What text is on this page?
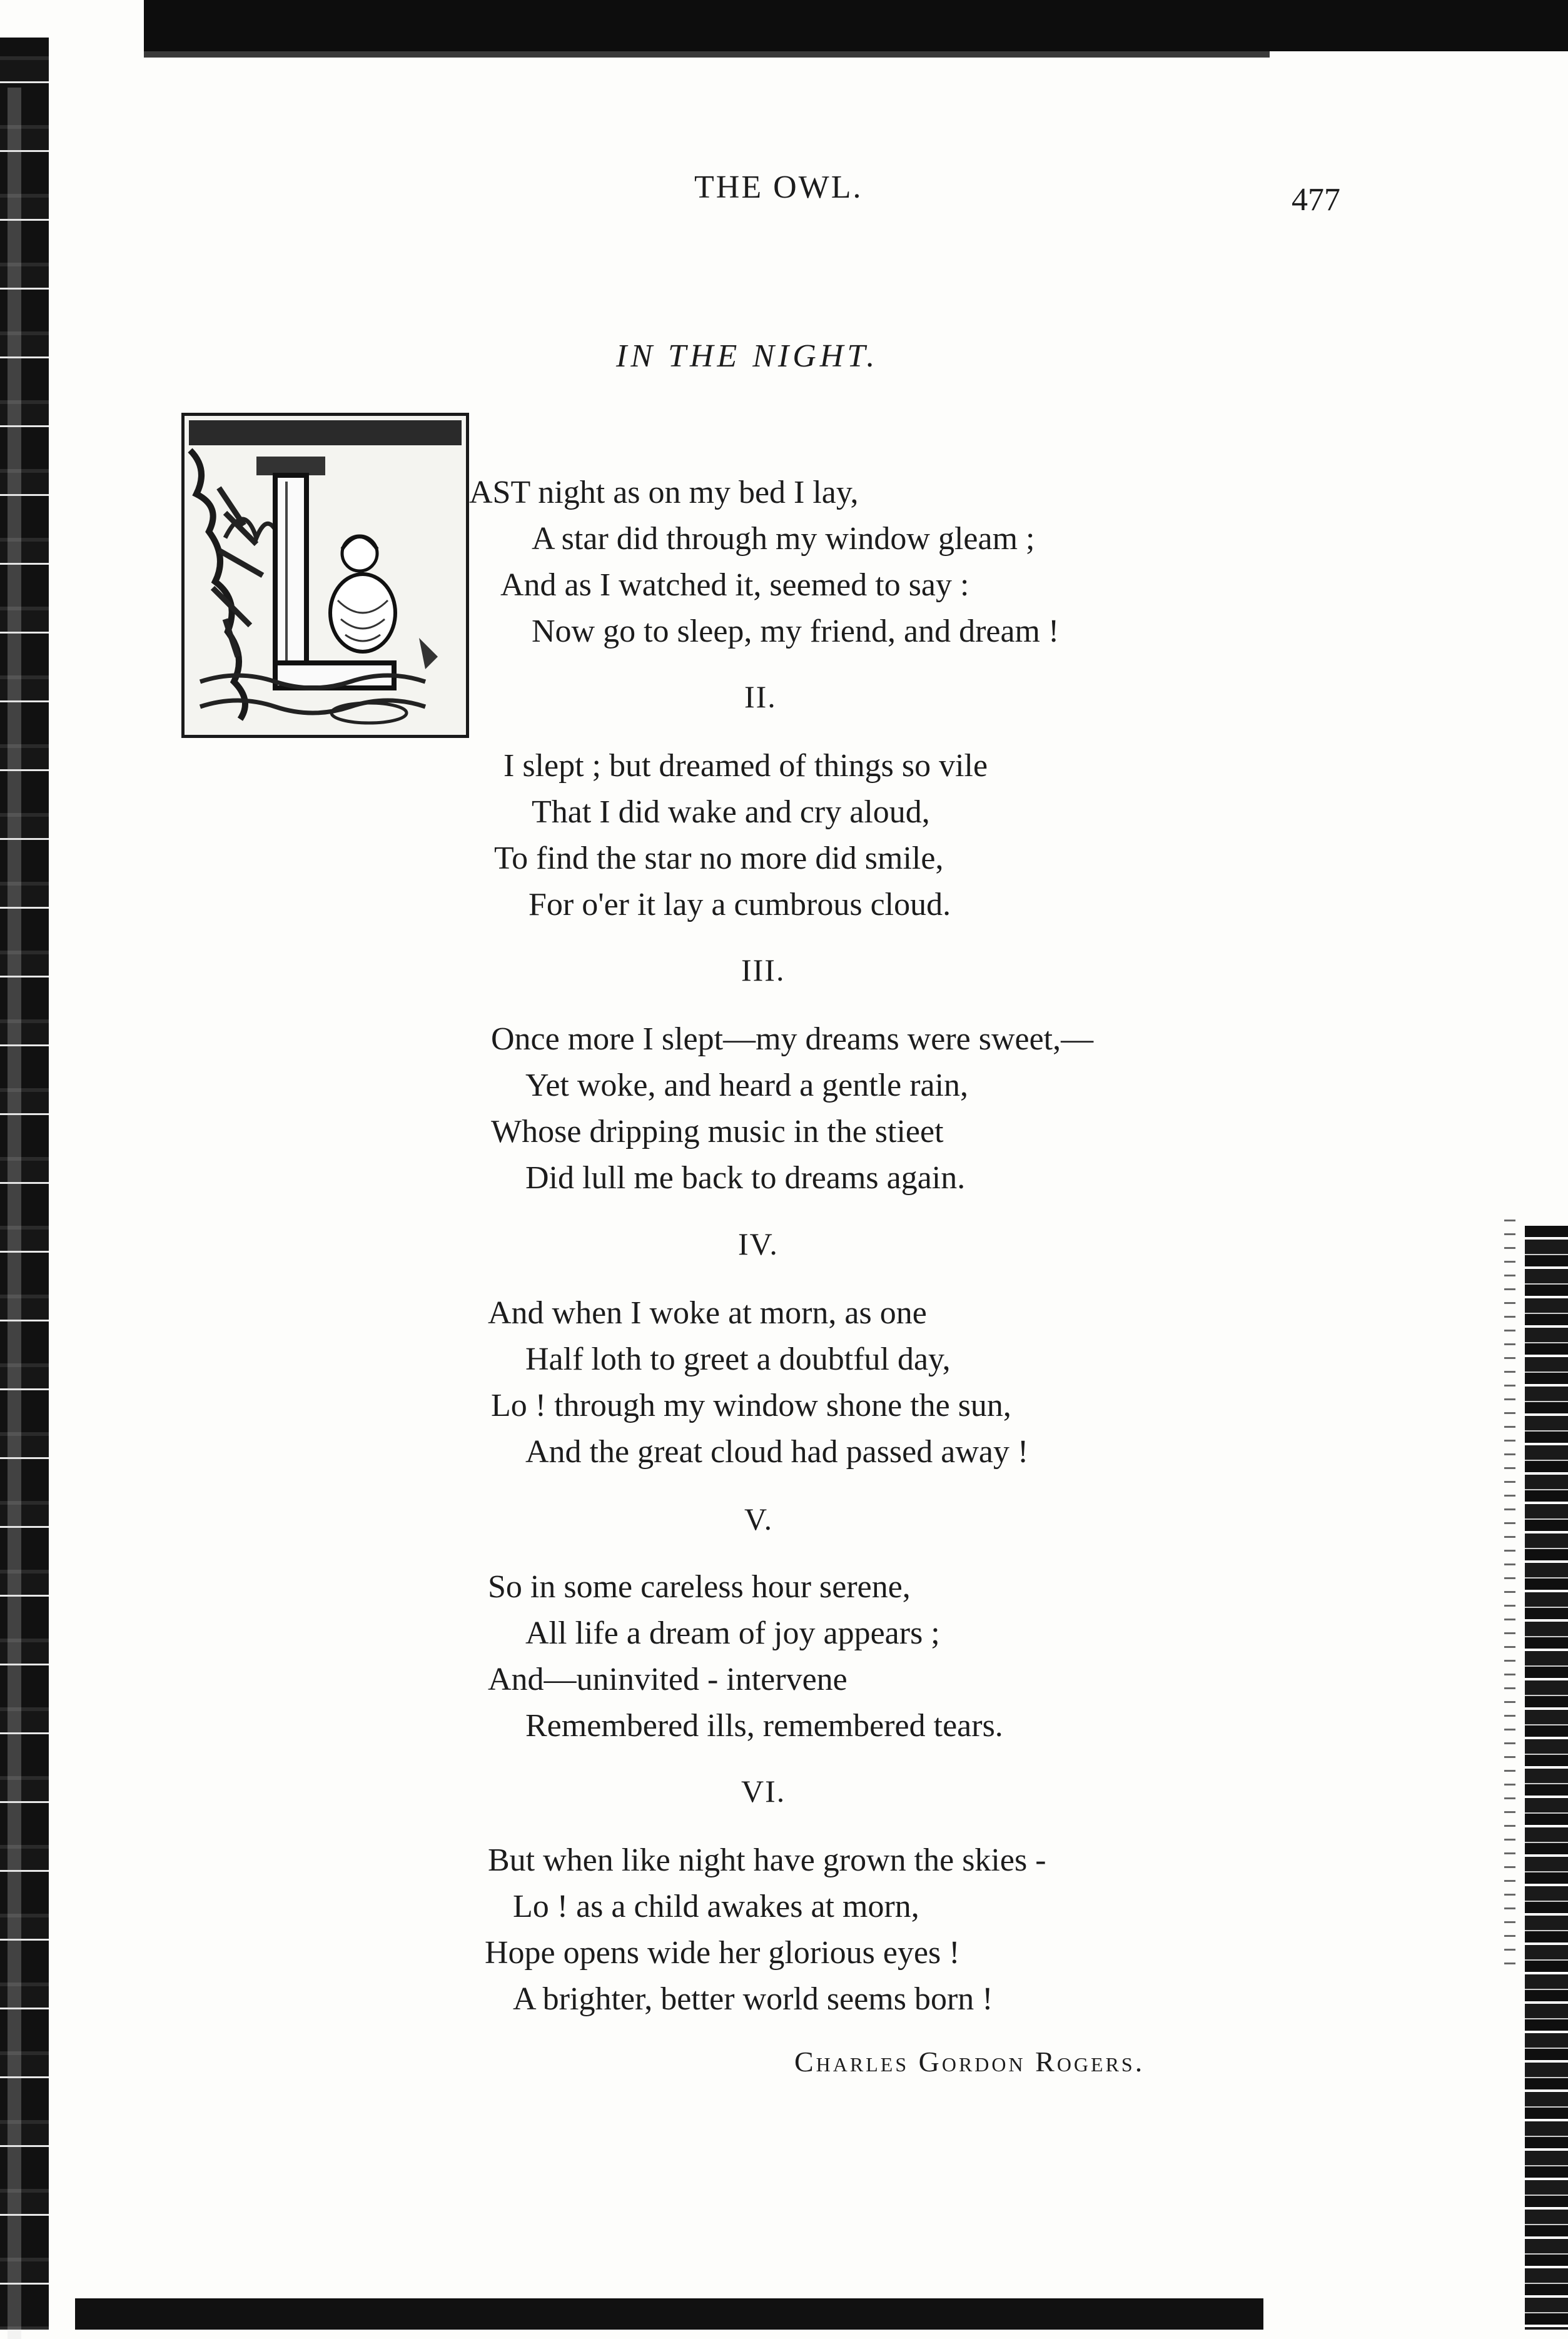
THE OWL.	477
IN THE NIGHT.
AST night as on my bed I lay,
A star did through my window gleam ;
And as I watched it, seemed to say :
Now go to sleep, my friend, and dream !
II.
I slept ; but dreamed of things so vile
That I did wake and cry aloud,
To find the star no more did smile,
For o'er it lay a cumbrous cloud.
III.
Once more I slept—my dreams were sweet,—
Yet woke, and heard a gentle rain,
Whose dripping music in the stieet
Did lull me back to dreams again.
IV.
And when I woke at morn, as one
Half loth to greet a doubtful day,
Lo ! through my window shone the sun,
And the great cloud had passed away !
V.
So in some careless hour serene,
All life a dream of joy appears ;
And—uninvited - intervene
Remembered ills, remembered tears.
VI.
But when like night have grown the skies -
Lo ! as a child awakes at morn,
Hope opens wide her glorious eyes !
A brighter, better world seems born !
Charles Gordon Rogers.
